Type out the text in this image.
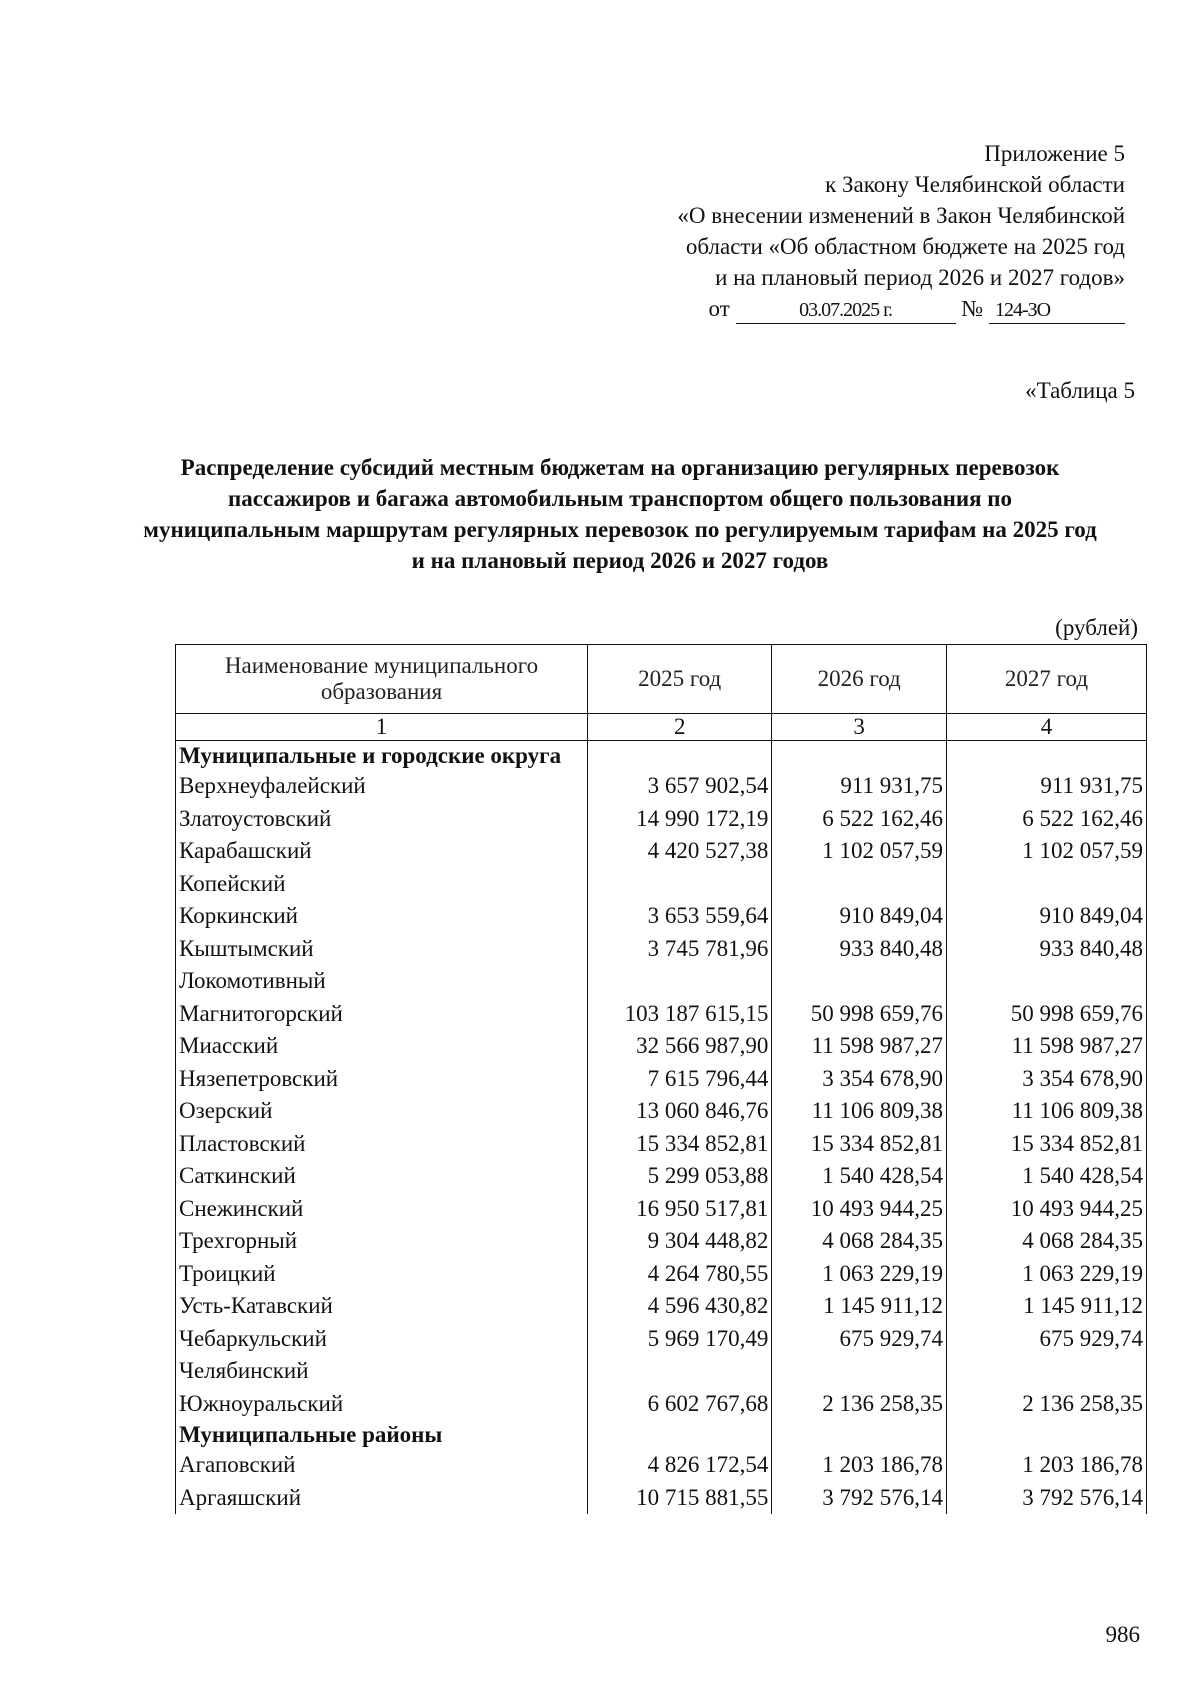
Приложение 5
к Закону Челябинской области
«О внесении изменений в Закон Челябинской
области «Об областном бюджете на 2025 год
и на плановый период 2026 и 2027 годов»
от	03.07.2025 г.	№ 124-ЗО
«Таблица 5
Распределение субсидий местным бюджетам на организацию регулярных перевозок пассажиров и багажа автомобильным транспортом общего пользования по муниципальным маршрутам регулярных перевозок по регулируемым тарифам на 2025 год и на плановый период 2026 и 2027 годов
(рублей)
Наименование муниципального образования	2025 год	2026 год	2027 год
1	2	3	4
Муниципальные и городские округа			
Верхнеуфалейский	3 657 902,54	911 931,75	911 931,75
Златоустовский	14 990 172,19	6 522 162,46	6 522 162,46
Карабашский	4 420 527,38	1 102 057,59	1 102 057,59
Копейский			
Коркинский	3 653 559,64	910 849,04	910 849,04
Кыштымский	3 745 781,96	933 840,48	933 840,48
Локомотивный			
Магнитогорский	103 187 615,15	50 998 659,76	50 998 659,76
Миасский	32 566 987,90	11 598 987,27	11 598 987,27
Нязепетровский	7 615 796,44	3 354 678,90	3 354 678,90
Озерский	13 060 846,76	11 106 809,38	11 106 809,38
Пластовский	15 334 852,81	15 334 852,81	15 334 852,81
Саткинский	5 299 053,88	1 540 428,54	1 540 428,54
Снежинский	16 950 517,81	10 493 944,25	10 493 944,25
Трехгорный	9 304 448,82	4 068 284,35	4 068 284,35
Троицкий	4 264 780,55	1 063 229,19	1 063 229,19
Усть-Катавский	4 596 430,82	1 145 911,12	1 145 911,12
Чебаркульский	5 969 170,49	675 929,74	675 929,74
Челябинский			
Южноуральский	6 602 767,68	2 136 258,35	2 136 258,35
Муниципальные районы			
Агаповский	4 826 172,54	1 203 186,78	1 203 186,78
Аргаяшский	10 715 881,55	3 792 576,14	3 792 576,14
986
